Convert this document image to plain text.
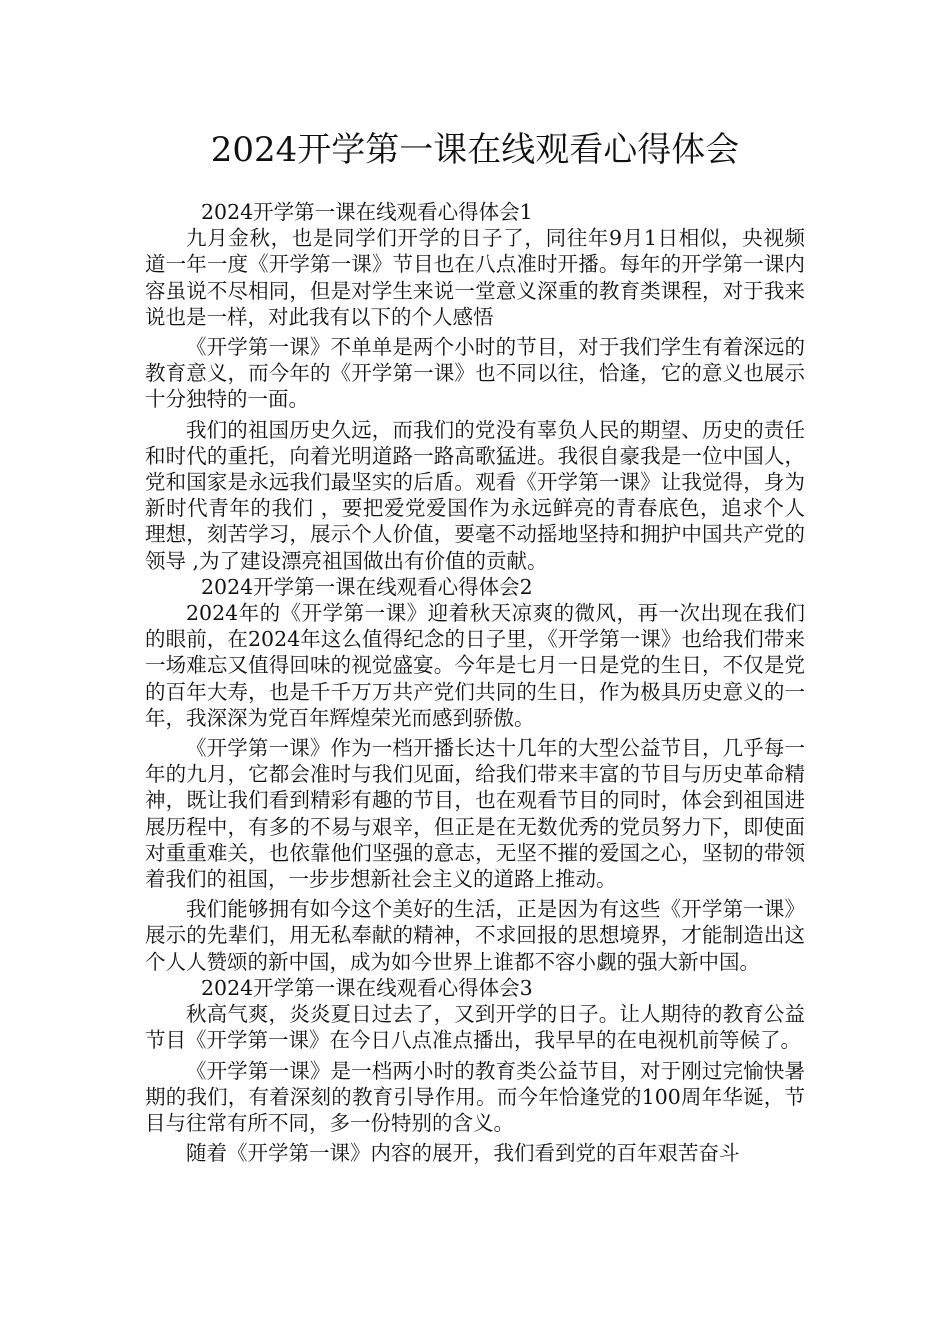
2024开学第一课在线观看心得体会

2024开学第一课在线观看心得体会1

九月金秋，也是同学们开学的日子了，同往年9月1日相似，央视频道一年一度《开学第一课》节目也在八点准时开播。每年的开学第一课内容虽说不尽相同，但是对学生来说一堂意义深重的教育类课程，对于我来说也是一样，对此我有以下的个人感悟

《开学第一课》不单单是两个小时的节目，对于我们学生有着深远的教育意义，而今年的《开学第一课》也不同以往，恰逢，它的意义也展示十分独特的一面。

我们的祖国历史久远，而我们的党没有辜负人民的期望、历史的责任和时代的重托，向着光明道路一路高歌猛进。我很自豪我是一位中国人，党和国家是永远我们最坚实的后盾。观看《开学第一课》让我觉得，身为新时代青年的我们 ，要把爱党爱国作为永远鲜亮的青春底色，追求个人理想，刻苦学习，展示个人价值，要毫不动摇地坚持和拥护中国共产党的领导 ,为了建设漂亮祖国做出有价值的贡献。

2024开学第一课在线观看心得体会2

2024年的《开学第一课》迎着秋天凉爽的微风，再一次出现在我们的眼前，在2024年这么值得纪念的日子里，《开学第一课》也给我们带来一场难忘又值得回味的视觉盛宴。今年是七月一日是党的生日，不仅是党的百年大寿，也是千千万万共产党们共同的生日，作为极具历史意义的一年，我深深为党百年辉煌荣光而感到骄傲。

《开学第一课》作为一档开播长达十几年的大型公益节目，几乎每一年的九月，它都会准时与我们见面，给我们带来丰富的节目与历史革命精神，既让我们看到精彩有趣的节目，也在观看节目的同时，体会到祖国进展历程中，有多的不易与艰辛，但正是在无数优秀的党员努力下，即使面对重重难关，也依靠他们坚强的意志，无坚不摧的爱国之心，坚韧的带领着我们的祖国，一步步想新社会主义的道路上推动。

我们能够拥有如今这个美好的生活，正是因为有这些《开学第一课》展示的先辈们，用无私奉献的精神，不求回报的思想境界，才能制造出这个人人赞颂的新中国，成为如今世界上谁都不容小觑的强大新中国。

2024开学第一课在线观看心得体会3

秋高气爽，炎炎夏日过去了，又到开学的日子。让人期待的教育公益节目《开学第一课》在今日八点准点播出，我早早的在电视机前等候了。

《开学第一课》是一档两小时的教育类公益节目，对于刚过完愉快暑期的我们，有着深刻的教育引导作用。而今年恰逢党的100周年华诞，节目与往常有所不同，多一份特别的含义。

随着《开学第一课》内容的展开，我们看到党的百年艰苦奋斗
